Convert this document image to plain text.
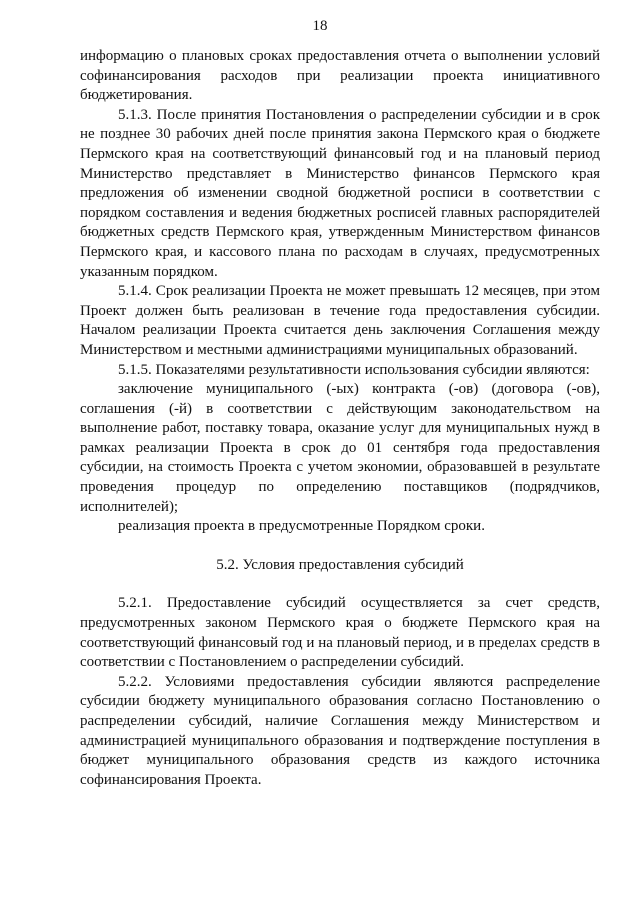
18

информацию о плановых сроках предоставления отчета о выполнении условий софинансирования расходов при реализации проекта инициативного бюджетирования.

5.1.3. После принятия Постановления о распределении субсидии и в срок не позднее 30 рабочих дней после принятия закона Пермского края о бюджете Пермского края на соответствующий финансовый год и на плановый период Министерство представляет в Министерство финансов Пермского края предложения об изменении сводной бюджетной росписи в соответствии с порядком составления и ведения бюджетных росписей главных распорядителей бюджетных средств Пермского края, утвержденным Министерством финансов Пермского края, и кассового плана по расходам в случаях, предусмотренных указанным порядком.

5.1.4. Срок реализации Проекта не может превышать 12 месяцев, при этом Проект должен быть реализован в течение года предоставления субсидии. Началом реализации Проекта считается день заключения Соглашения между Министерством и местными администрациями муниципальных образований.

5.1.5. Показателями результативности использования субсидии являются:

заключение муниципального (-ых) контракта (-ов) (договора (-ов), соглашения (-й) в соответствии с действующим законодательством на выполнение работ, поставку товара, оказание услуг для муниципальных нужд в рамках реализации Проекта в срок до 01 сентября года предоставления субсидии, на стоимость Проекта с учетом экономии, образовавшей в результате проведения процедур по определению поставщиков (подрядчиков, исполнителей);

реализация проекта в предусмотренные Порядком сроки.

5.2. Условия предоставления субсидий

5.2.1. Предоставление субсидий осуществляется за счет средств, предусмотренных законом Пермского края о бюджете Пермского края на соответствующий финансовый год и на плановый период, и в пределах средств в соответствии с Постановлением о распределении субсидий.

5.2.2. Условиями предоставления субсидии являются распределение субсидии бюджету муниципального образования согласно Постановлению о распределении субсидий, наличие Соглашения между Министерством и администрацией муниципального образования и подтверждение поступления в бюджет муниципального образования средств из каждого источника софинансирования Проекта.
